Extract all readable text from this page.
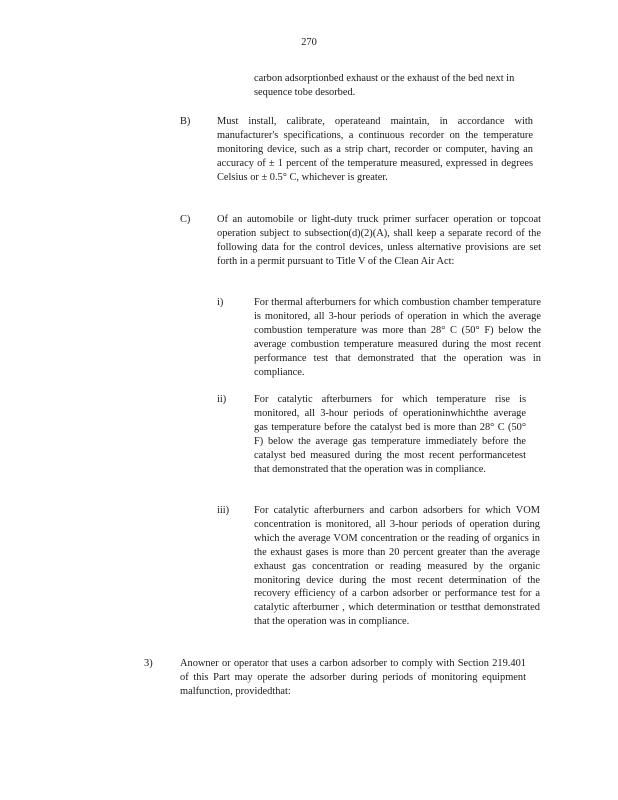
270
carbon adsorptionbed exhaust or the exhaust of the bed next in sequence tobe desorbed.
B)	Must install, calibrate, operateand maintain, in accordance with manufacturer's specifications, a continuous recorder on the temperature monitoring device, such as a strip chart, recorder or computer, having an accuracy of ± 1 percent of the temperature measured, expressed in degrees Celsius or ± 0.5° C, whichever is greater.
C)	Of an automobile or light-duty truck primer surfacer operation or topcoat operation subject to subsection(d)(2)(A), shall keep a separate record of the following data for the control devices, unless alternative provisions are set forth in a permit pursuant to Title V of the Clean Air Act:
i)	For thermal afterburners for which combustion chamber temperature is monitored, all 3-hour periods of operation in which the average combustion temperature was more than 28° C (50° F) below the average combustion temperature measured during the most recent performance test that demonstrated that the operation was in compliance.
ii)	For catalytic afterburners for which temperature rise is monitored, all 3-hour periods of operationinwhichthe average gas temperature before the catalyst bed is more than 28° C (50° F) below the average gas temperature immediately before the catalyst bed measured during the most recent performancetest that demonstrated that the operation was in compliance.
iii) For catalytic afterburners and carbon adsorbers for which VOM concentration is monitored, all 3-hour periods of operation during which the average VOM concentration or the reading of organics in the exhaust gases is more than 20 percent greater than the average exhaust gas concentration or reading measured by the organic monitoring device during the most recent determination of the recovery efficiency of a carbon adsorber or performance test for a catalytic afterburner , which determination or testthat demonstrated that the operation was in compliance.
3)	Anowner or operator that uses a carbon adsorber to comply with Section 219.401 of this Part may operate the adsorber during periods of monitoring equipment malfunction, providedthat:
